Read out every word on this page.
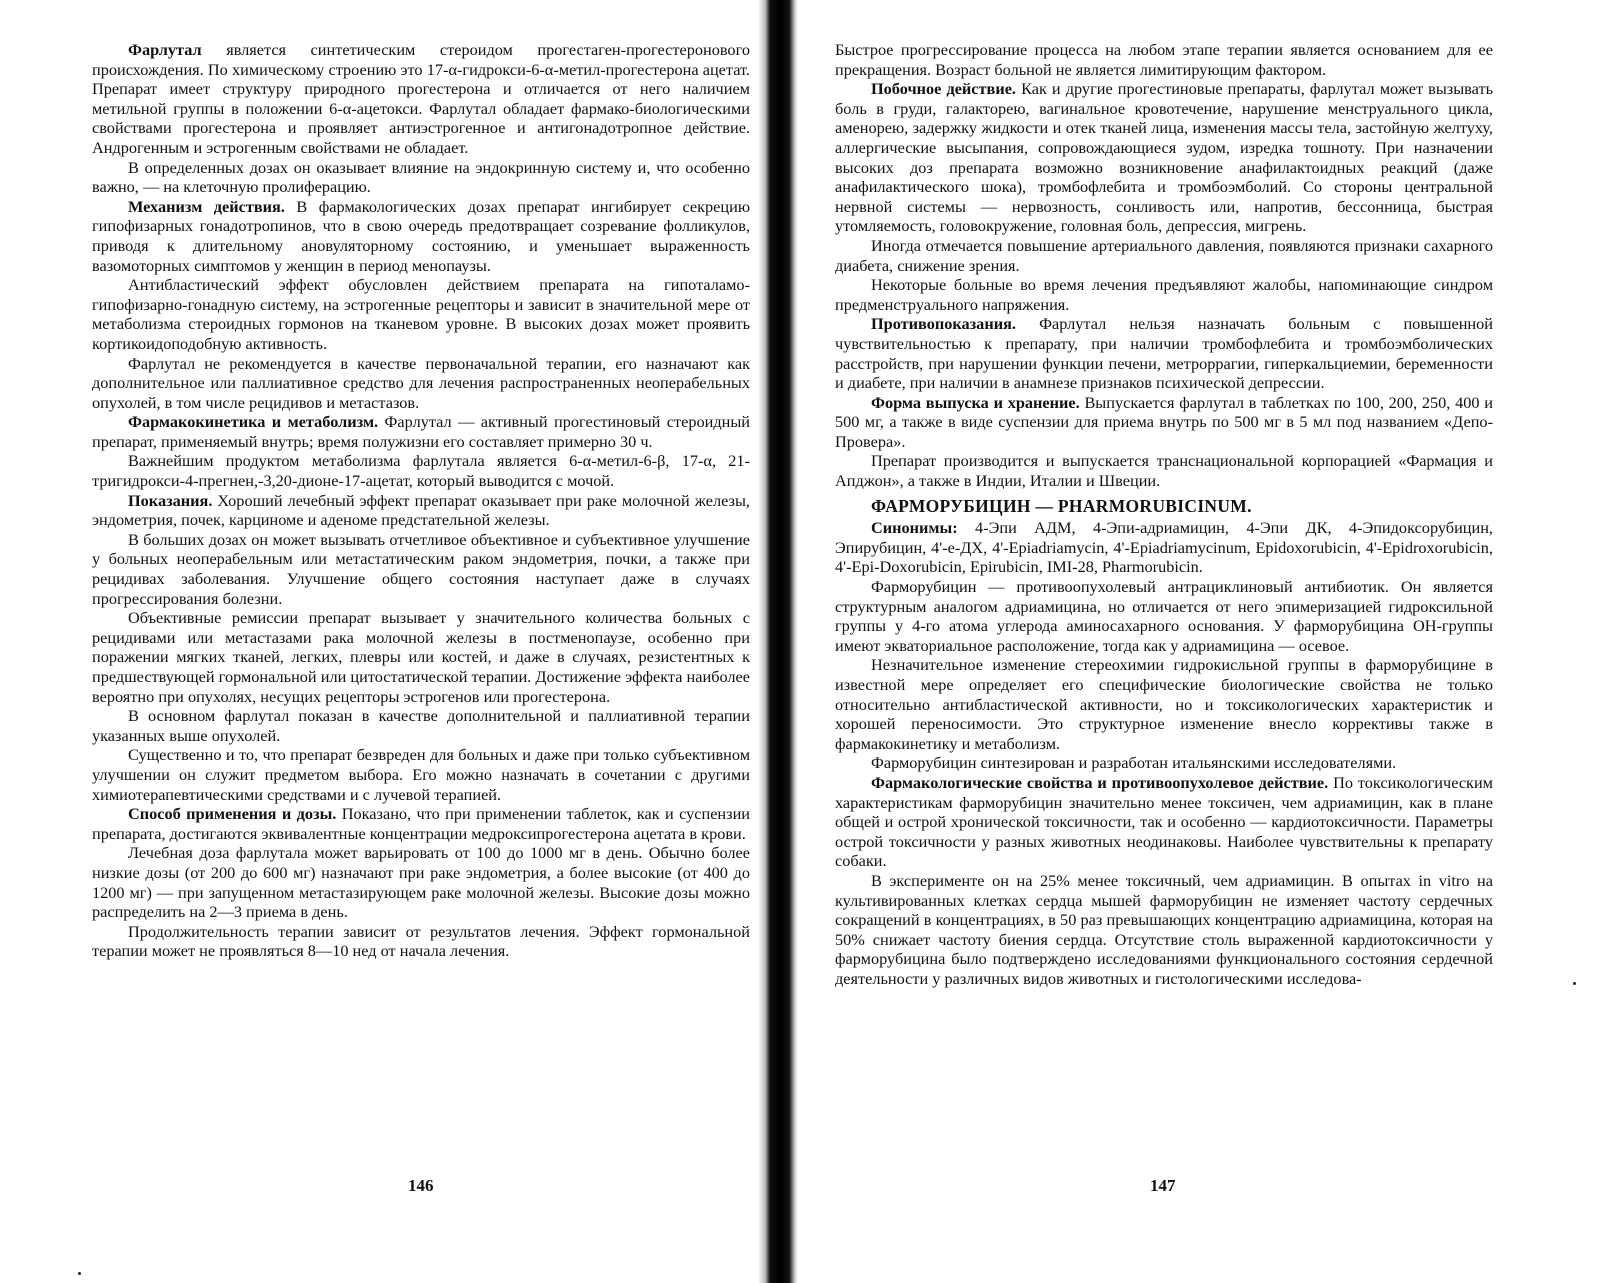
Фарлутал является синтетическим стероидом прогестаген-прогестеронового происхождения. По химическому строению это 17-α-гидрокси-6-α-метил-прогестерона ацетат. Препарат имеет структуру природного прогестерона и отличается от него наличием метильной группы в положении 6-α-ацетокси. Фарлутал обладает фармако-биологическими свойствами прогестерона и проявляет антиэстрогенное и антигонадотропное действие. Андрогенным и эстрогенным свойствами не обладает.

В определенных дозах он оказывает влияние на эндокринную систему и, что особенно важно, — на клеточную пролиферацию.

Механизм действия. В фармакологических дозах препарат ингибирует секрецию гипофизарных гонадотропинов, что в свою очередь предотвращает созревание фолликулов, приводя к длительному ановуляторному состоянию, и уменьшает выраженность вазомоторных симптомов у женщин в период менопаузы.

Антибластический эффект обусловлен действием препарата на гипоталамо-гипофизарно-гонадную систему, на эстрогенные рецепторы и зависит в значительной мере от метаболизма стероидных гормонов на тканевом уровне. В высоких дозах может проявить кортикоидоподобную активность.

Фарлутал не рекомендуется в качестве первоначальной терапии, его назначают как дополнительное или паллиативное средство для лечения распространенных неоперабельных опухолей, в том числе рецидивов и метастазов.

Фармакокинетика и метаболизм. Фарлутал — активный прогестиновый стероидный препарат, применяемый внутрь; время полужизни его составляет примерно 30 ч.

Важнейшим продуктом метаболизма фарлутала является 6-α-метил-6-β, 17-α, 21-тригидрокси-4-прегнен,-3,20-дионе-17-ацетат, который выводится с мочой.

Показания. Хороший лечебный эффект препарат оказывает при раке молочной железы, эндометрия, почек, карциноме и аденоме предстательной железы.

В больших дозах он может вызывать отчетливое объективное и субъективное улучшение у больных неоперабельным или метастатическим раком эндометрия, почки, а также при рецидивах заболевания. Улучшение общего состояния наступает даже в случаях прогрессирования болезни.

Объективные ремиссии препарат вызывает у значительного количества больных с рецидивами или метастазами рака молочной железы в постменопаузе, особенно при поражении мягких тканей, легких, плевры или костей, и даже в случаях, резистентных к предшествующей гормональной или цитостатической терапии. Достижение эффекта наиболее вероятно при опухолях, несущих рецепторы эстрогенов или прогестерона.

В основном фарлутал показан в качестве дополнительной и паллиативной терапии указанных выше опухолей.

Существенно и то, что препарат безвреден для больных и даже при только субъективном улучшении он служит предметом выбора. Его можно назначать в сочетании с другими химиотерапевтическими средствами и с лучевой терапией.

Способ применения и дозы. Показано, что при применении таблеток, как и суспензии препарата, достигаются эквивалентные концентрации медроксипрогестерона ацетата в крови.

Лечебная доза фарлутала может варьировать от 100 до 1000 мг в день. Обычно более низкие дозы (от 200 до 600 мг) назначают при раке эндометрия, а более высокие (от 400 до 1200 мг) — при запущенном метастазирующем раке молочной железы. Высокие дозы можно распределить на 2—3 приема в день.

Продолжительность терапии зависит от результатов лечения. Эффект гормональной терапии может не проявляться 8—10 нед от начала лечения.

146

Быстрое прогрессирование процесса на любом этапе терапии является основанием для ее прекращения. Возраст больной не является лимитирующим фактором.

Побочное действие. Как и другие прогестиновые препараты, фарлутал может вызывать боль в груди, галакторею, вагинальное кровотечение, нарушение менструального цикла, аменорею, задержку жидкости и отек тканей лица, изменения массы тела, застойную желтуху, аллергические высыпания, сопровождающиеся зудом, изредка тошноту. При назначении высоких доз препарата возможно возникновение анафилактоидных реакций (даже анафилактического шока), тромбофлебита и тромбоэмболий. Со стороны центральной нервной системы — нервозность, сонливость или, напротив, бессонница, быстрая утомляемость, головокружение, головная боль, депрессия, мигрень.

Иногда отмечается повышение артериального давления, появляются признаки сахарного диабета, снижение зрения.

Некоторые больные во время лечения предъявляют жалобы, напоминающие синдром предменструального напряжения.

Противопоказания. Фарлутал нельзя назначать больным с повышенной чувствительностью к препарату, при наличии тромбофлебита и тромбоэмболических расстройств, при нарушении функции печени, метроррагии, гиперкальциемии, беременности и диабете, при наличии в анамнезе признаков психической депрессии.

Форма выпуска и хранение. Выпускается фарлутал в таблетках по 100, 200, 250, 400 и 500 мг, а также в виде суспензии для приема внутрь по 500 мг в 5 мл под названием «Депо-Провера».

Препарат производится и выпускается транснациональной корпорацией «Фармация и Апджон», а также в Индии, Италии и Швеции.

ФАРМОРУБИЦИН — PHARMORUBICINUM.

Синонимы: 4-Эпи АДМ, 4-Эпи-адриамицин, 4-Эпи ДК, 4-Эпидоксорубицин, Эпирубицин, 4'-е-ДХ, 4'-Epiadriamycin, 4'-Epiadriamycinum, Epidoxorubicin, 4'-Epidroxorubicin, 4'-Epi-Doxorubicin, Epirubicin, IMI-28, Pharmorubicin.

Фарморубицин — противоопухолевый антрациклиновый антибиотик. Он является структурным аналогом адриамицина, но отличается от него эпимеризацией гидроксильной группы у 4-го атома углерода аминосахарного основания. У фарморубицина ОН-группы имеют экваториальное расположение, тогда как у адриамицина — осевое.

Незначительное изменение стереохимии гидрокисльной группы в фарморубицине в известной мере определяет его специфические биологические свойства не только относительно антибластической активности, но и токсикологических характеристик и хорошей переносимости. Это структурное изменение внесло коррективы также в фармакокинетику и метаболизм.

Фарморубицин синтезирован и разработан итальянскими исследователями.

Фармакологические свойства и противоопухолевое действие. По токсикологическим характеристикам фарморубицин значительно менее токсичен, чем адриамицин, как в плане общей и острой хронической токсичности, так и особенно — кардиотоксичности. Параметры острой токсичности у разных животных неодинаковы. Наиболее чувствительны к препарату собаки.

В эксперименте он на 25% менее токсичный, чем адриамицин. В опытах in vitro на культивированных клетках сердца мышей фарморубицин не изменяет частоту сердечных сокращений в концентрациях, в 50 раз превышающих концентрацию адриамицина, которая на 50% снижает частоту биения сердца. Отсутствие столь выраженной кардиотоксичности у фарморубицина было подтверждено исследованиями функционального состояния сердечной деятельности у различных видов животных и гистологическими исследова-

147
